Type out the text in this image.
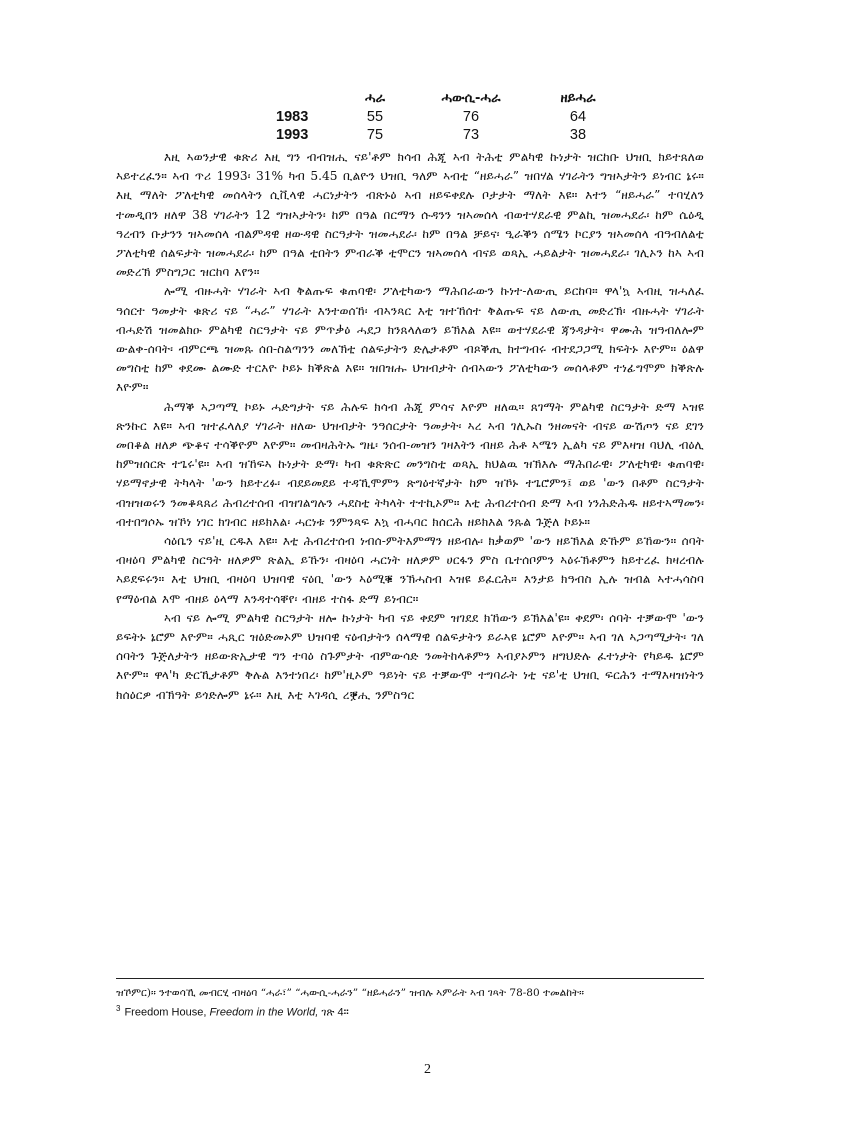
	ሓራ	ሓውሲ-ሓራ	ዘይሓራ
1983	55	76	64
1993	75	73	38

እዚ ኣወንታዊ ቁጽሪ እዚ ግን ብብዝሒ ናይ'ቶም ክሳብ ሕጂ ኣብ ትሕቲ ምልካዊ ኩነታት ዝርከቡ ህዝቢ ክይተጸለወ ኣይተረፈን። ኣብ ጥሪ 1993፡ 31% ካብ 5.45 ቢልዮን ህዝቢ ዓለም ኣብቲ “ዘይሓራ” ዝበሃል ሃገራትን ግዝኣታትን ይነብር ኔሩ። እዚ ማለት ፖለቲካዊ መሰላትን ሲቪላዊ ሓርነታትን ብጽኑዕ ኣብ ዘይፍቀደሉ ቦታታት ማለት እዩ። እተን “ዘይሓራ” ተባሂለን ተመዲበን ዘለዋ 38 ሃገራትን 12 ግዝኣታትን፡ ከም በዓል በርማን ሱዳንን ዝኣመሰላ ብወተሃደራዊ ምልኪ ዝመሓደራ፡ ከም ሴዕዲ ዓረብን ቡታንን ዝኣመሰላ ብልምዳዊ ዘውዳዊ ስርዓታት ዝመሓደራ፡ ከም በዓል ቻይና፡ ዒራቕን ሰሜን ኮርያን ዝኣመሰላ ብዓብለልቲ ፖለቲካዊ ሰልፍታት ዝመሓደራ፡ ከም በዓል ቲበትን ምብራቕ ቲሞርን ዝኣመሰላ ብናይ ወጻኢ ሓይልታት ዝመሓደራ፡ ገሊኦን ከኣ ኣብ መድረኽ ምስግጋር ዝርከባ እየን።

ሎሚ ብዙሓት ሃገራት ኣብ ቅልጡፍ ቁጠባዊ፡ ፖለቲካውን ማሕበራውን ኩነተ-ለውጢ ይርከባ። ዋላ'ኳ ኣብዚ ዝሓለፈ ዓሰርተ ዓመታት ቁጽሪ ናይ “ሓራ” ሃገራት እንተወሰኸ፡ ብኣንጻር እቲ ዝተኸሰተ ቅልጡፍ ናይ ለውጢ መድረኽ፡ ብዙሓት ሃገራት ብሓድሽ ዝመልክዑ ምልካዊ ስርዓታት ናይ ምጥቃዕ ሓደጋ ክንጸላለወን ይኽእል እዩ። ወተሃደራዊ ጃንዳታት፡ ዋሙሕ ዝዓብለሎም ውልቀ-ሰባት፡ ብምርጫ ዝመጹ ሰበ-ስልጣንን መለኽቲ ሰልፍታትን ድሌታቶም ብጾቕጢ ክተግብሩ ብተደጋጋሚ ክፍትኑ እዮም። ዕልዋ መግስቲ ከም ቀደሙ ልሙድ ተርእዮ ኮይኑ ክቕጽል እዩ። ዝበዝሑ ህዝብታት ሰብኣውን ፖለቲካውን መሰላቶም ተነፊግሞም ክቕጽሉ እዮም።

ሕማቕ ኣጋጣሚ ኮይኑ ሓድግታት ናይ ሕሉፍ ክሳብ ሕጂ ምሳና እዮም ዘለዉ። ጸገማት ምልካዊ ስርዓታት ድማ ኣዝዩ ጽንኩር እዩ። ኣብ ዝተፈላለያ ሃገራት ዘለው ህዝብታት ንዓሰርታት ዓመታት፡ ኣረ ኣብ ገሊኡስ ንዘመናት ብናይ ውሽጦን ናይ ደገን መበቆል ዘለዎ ጭቆና ተሳቕዮም እዮም። መብዛሕትኡ ግዜ፡ ንሰብ-መዝን ገዛእትን ብዘይ ሕቶ ኣሜን ኢልካ ናይ ምእዛዝ ባህሊ ብዕሊ ከምዝሰርጽ ተጌሩ'ዩ። ኣብ ዝኸፍኣ ኩነታት ድማ፡ ካብ ቁጽጽር መንግስቲ ወጻኢ ክህልዉ ዝኽእሉ ማሕበራዊ፡ ፖለቲካዊ፡ ቁጠባዊ፡ ሃይማኖታዊ ትካላት 'ውን ክይተረፉ፡ ብደይመደይ ተዳኺሞምን ጽግዕተኛታት ከም ዝኾኑ ተጌሮምን፤ ወይ 'ውን በቶም ስርዓታት ብዝዝወሩን ንመቆጻጸሪ ሕብረተሰብ ብዝገልግሉን ሓደስቲ ትካላት ተተኪኦም። እቲ ሕብረተሰብ ድማ ኣብ ነንሕድሕዱ ዘይተኣማመን፡ ብተበግሶኡ ዝኾነ ነገር ክገብር ዘይክእል፡ ሓርነቱ ንምንጻፍ እኳ ብሓባር ክሰርሕ ዘይክእል ንጹል ጉጅለ ኮይኑ።

ሳዕቤን ናይ'ዚ ርዱእ እዩ። እቲ ሕብረተሰብ ነብሰ-ምትእምማን ዘይብሉ፡ ክቃወም 'ውን ዘይኽእል ድኹም ይኸውን። ሰባት ብዛዕባ ምልካዊ ስርዓት ዘለዎም ጽልኢ ይኹን፡ ብዛዕባ ሓርነት ዘለዎም ሀርፋን ምስ ቤተሰቦምን ኣዕሩኽቶምን ክይተረፈ ክዛረብሉ ኣይደፍሩን። እቲ ህዝቢ ብዛዕባ ህዝባዊ ናዕቢ 'ውን ኣዕሚቑ ንኽሓስብ ኣዝዩ ይፈርሕ። እንታይ ክዓብስ ኢሉ ዝብል ኣተሓሳስባ የማዕብል እሞ ብዘይ ዕላማ እንዳተሳቐየ፡ ብዘይ ተስፋ ድማ ይነብር።

ኣብ ናይ ሎሚ ምልካዊ ስርዓታት ዘሎ ኩነታት ካብ ናይ ቀደም ዝገደደ ክኸውን ይኽእል'ዩ። ቀደም፡ ሰባት ተቓውሞ 'ውን ይፍትኑ ኔሮም እዮም። ሓጺር ዝዕድመኦም ህዝባዊ ናዕብታትን ሰላማዊ ሰልፍታትን ይራኣዩ ኔሮም እዮም። ኣብ ገለ ኣጋጣሚታት፡ ገለ ሰባትን ጉጅለታትን ዘይውጽኢታዊ ግን ተባዕ ስጉምታት ብምውሳድ ንመትከላቶምን ኣብያኦምን ዘግህድሉ ፈተነታት የካይዱ ኔሮም እዮም። ዋላ'ካ ድርኺታቶም ቅሉል እንተነበረ፡ ከም'ዚኦም ዓይነት ናይ ተቓውሞ ተግባራት ነቲ ናይ'ቲ ህዝቢ ፍርሕን ተማእዛዝነትን ክሰዕርዎ ብኽዓት ይጎድሎም ኔሩ። እዚ እቲ ኣገዳሲ ረቛሒ ንምስዓር

ዝኾምር)። ንተወሳኺ መብርሂ ብዛዕባ “ሓራ፣” “ሓውሲ-ሓራን” “ዘይሓራን” ዝብሉ ኣምራት ኣብ ገጻት 78-80 ተመልከት።

$^3$ Freedom House, Freedom in the World, ገጽ 4።

2
